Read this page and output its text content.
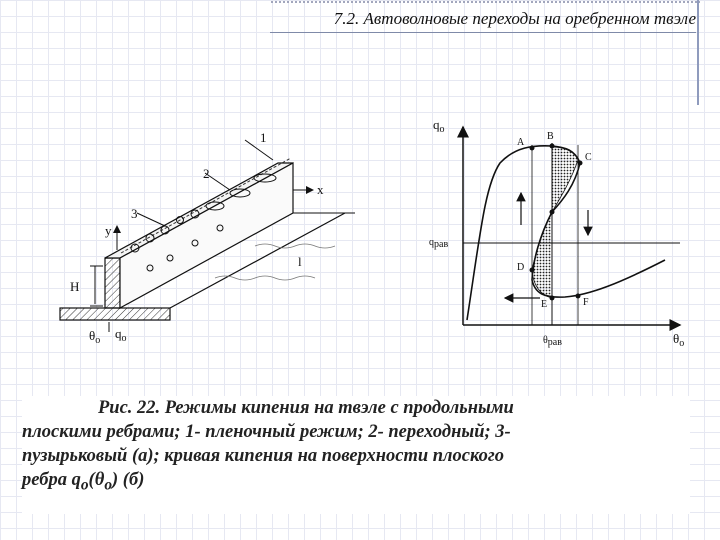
7.2. Автоволновые переходы на оребренном твэле
1
2
3
x
y
l
H
$\theta_о$ $q_о$
$q_о$
$\theta_о$
qрав
θрав
A
B
C
D
E	F
Рис. 22. Режимы кипения на твэле с продольными
плоскими ребрами; 1- пленочный режим; 2- переходный; 3-
пузырьковый (а); кривая кипения на поверхности плоского
ребра $q_о(\theta_о)$ (б)
